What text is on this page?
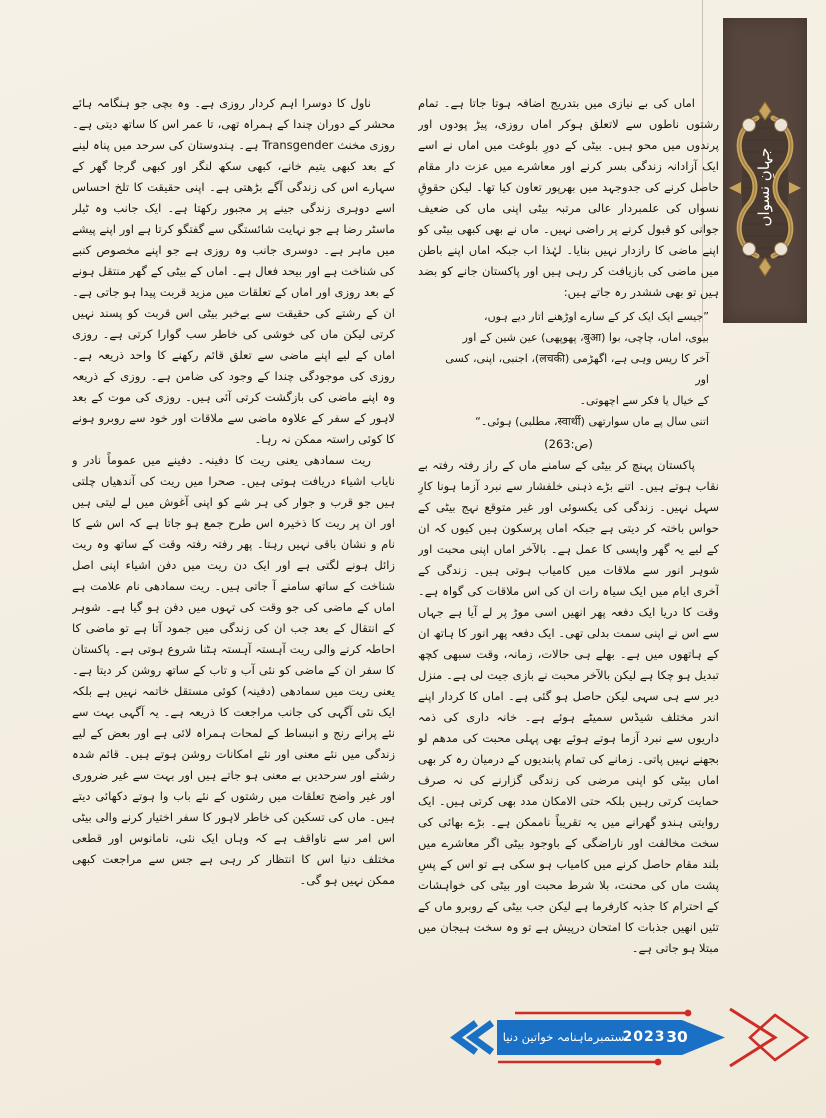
جہانِ نسواں

ناول کا دوسرا اہم کردار روزی ہے۔ وہ بچی جو ہنگامہ ہائے محشر کے دوران چندا کے ہمراہ تھی، تا عمر اس کا ساتھ دیتی ہے۔ روزی مخنث Transgender ہے۔ ہندوستان کی سرحد میں پناہ لینے کے بعد کبھی یتیم خانے، کبھی سکھ لنگر اور کبھی گرجا گھر کے سہارے اس کی زندگی آگے بڑھتی ہے۔ اپنی حقیقت کا تلخ احساس اسے دوہری زندگی جینے پر مجبور رکھتا ہے۔ ایک جانب وہ ٹیلر ماسٹر رضا ہے جو نہایت شائستگی سے گفتگو کرتا ہے اور اپنے پیشے میں ماہر ہے۔ دوسری جانب وہ روزی ہے جو اپنے مخصوص کنبے کی شناخت ہے اور بیحد فعال ہے۔ اماں کے بیٹی کے گھر منتقل ہونے کے بعد روزی اور اماں کے تعلقات میں مزید قربت پیدا ہو جاتی ہے۔ ان کے رشتے کی حقیقت سے بےخبر بیٹی اس قربت کو پسند نہیں کرتی لیکن ماں کی خوشی کی خاطر سب گوارا کرتی ہے۔ روزی اماں کے لیے اپنے ماضی سے تعلق قائم رکھنے کا واحد ذریعہ ہے۔ روزی کی موجودگی چندا کے وجود کی ضامن ہے۔ روزی کے ذریعہ وہ اپنے ماضی کی بازگشت کرتی آئی ہیں۔ روزی کی موت کے بعد لاہور کے سفر کے علاوہ ماضی سے ملاقات اور خود سے روبرو ہونے کا کوئی راستہ ممکن نہ رہا۔

ریت سمادھی یعنی ریت کا دفینہ۔ دفینے میں عموماً نادر و نایاب اشیاء دریافت ہوتی ہیں۔ صحرا میں ریت کی آندھیاں چلتی ہیں جو قرب و جوار کی ہر شے کو اپنی آغوش میں لے لیتی ہیں اور ان پر ریت کا ذخیرہ اس طرح جمع ہو جاتا ہے کہ اس شے کا نام و نشان باقی نہیں رہتا۔ پھر رفتہ رفتہ وقت کے ساتھ وہ ریت زائل ہونے لگتی ہے اور ایک دن ریت میں دفن اشیاء اپنی اصل شناخت کے ساتھ سامنے آ جاتی ہیں۔ ریت سمادھی نام علامت ہے اماں کے ماضی کی جو وقت کی تہوں میں دفن ہو گیا ہے۔ شوہر کے انتقال کے بعد جب ان کی زندگی میں جمود آتا ہے تو ماضی کا احاطہ کرنے والی ریت آہستہ آہستہ ہٹنا شروع ہوتی ہے۔ پاکستان کا سفر ان کے ماضی کو نئی آب و تاب کے ساتھ روشن کر دیتا ہے۔ یعنی ریت میں سمادھی (دفینہ) کوئی مستقل خاتمہ نہیں ہے بلکہ ایک نئی آگہی کی جانب مراجعت کا ذریعہ ہے۔ یہ آگہی بہت سے نئے پرانے رنج و انبساط کے لمحات ہمراہ لائی ہے اور بعض کے لیے زندگی میں نئے معنی اور نئے امکانات روشن ہوتے ہیں۔ قائم شدہ رشتے اور سرحدیں بے معنی ہو جاتے ہیں اور بہت سے غیر ضروری اور غیر واضح تعلقات میں رشتوں کے نئے باب وا ہوتے دکھائی دیتے ہیں۔ ماں کی تسکین کی خاطر لاہور کا سفر اختیار کرنے والی بیٹی اس امر سے ناواقف ہے کہ وہاں ایک نئی، نامانوس اور قطعی مختلف دنیا اس کا انتظار کر رہی ہے جس سے مراجعت کبھی ممکن نہیں ہو گی۔

اماں کی بے نیازی میں بتدریج اضافہ ہوتا جاتا ہے۔ تمام رشتوں ناطوں سے لاتعلق ہوکر اماں روزی، پیڑ پودوں اور پرندوں میں محو ہیں۔ بیٹی کے دورِ بلوغت میں اماں نے اسے ایک آزادانہ زندگی بسر کرنے اور معاشرے میں عزت دار مقام حاصل کرنے کی جدوجہد میں بھرپور تعاون کیا تھا۔ لیکن حقوقِ نسواں کی علمبردار عالی مرتبہ بیٹی اپنی ماں کی ضعیف جوانی کو قبول کرنے پر راضی نہیں۔ ماں نے بھی کبھی بیٹی کو اپنے ماضی کا رازدار نہیں بنایا۔ لہٰذا اب جبکہ اماں اپنے باطن میں ماضی کی بازیافت کر رہی ہیں اور پاکستان جانے کو بضد ہیں تو بھی ششدر رہ جاتے ہیں:

”جیسے ایک ایک کر کے سارے اوڑھنے اتار دیے ہوں،
بیوی، اماں، چاچی، بوا (बुआ، پھوپھی) عین شین کے اور
آخر کا ریس وہی ہے، اگھڑمی (लचकी)، اجنبی، اپنی، کسی اور
کے خیال یا فکر سے اچھوتی۔
اتنی سال پے ماں سوارتھی (स्वार्थी، مطلبی) ہوئی۔“

(ص:263)

پاکستان پہنچ کر بیٹی کے سامنے ماں کے راز رفتہ رفتہ بے نقاب ہوتے ہیں۔ اتنے بڑے ذہنی خلفشار سے نبرد آزما ہونا کارِ سہل نہیں۔ زندگی کی یکسوئی اور غیر متوقع نہج بیٹی کے حواس باختہ کر دیتی ہے جبکہ اماں پرسکون ہیں کیوں کہ ان کے لیے یہ گھر واپسی کا عمل ہے۔ بالآخر اماں اپنی محبت اور شوہر انور سے ملاقات میں کامیاب ہوتی ہیں۔ زندگی کے آخری ایام میں ایک سیاہ رات ان کی اس ملاقات کی گواہ ہے۔ وقت کا دریا ایک دفعہ پھر انھیں اسی موڑ پر لے آیا ہے جہاں سے اس نے اپنی سمت بدلی تھی۔ ایک دفعہ پھر انور کا ہاتھ ان کے ہاتھوں میں ہے۔ بھلے ہی حالات، زمانہ، وقت سبھی کچھ تبدیل ہو چکا ہے لیکن بالآخر محبت نے بازی جیت لی ہے۔ منزل دیر سے ہی سہی لیکن حاصل ہو گئی ہے۔ اماں کا کردار اپنے اندر مختلف شیڈس سمیٹے ہوئے ہے۔ خانہ داری کی ذمہ داریوں سے نبرد آزما ہوتے ہوئے بھی پہلی محبت کی مدھم لو بجھنے نہیں پاتی۔ زمانے کی تمام پابندیوں کے درمیان رہ کر بھی اماں بیٹی کو اپنی مرضی کی زندگی گزارنے کی نہ صرف حمایت کرتی رہیں بلکہ حتی الامکان مدد بھی کرتی ہیں۔ ایک روایتی ہندو گھرانے میں یہ تقریباً ناممکن ہے۔ بڑے بھائی کی سخت مخالفت اور ناراضگی کے باوجود بیٹی اگر معاشرے میں بلند مقام حاصل کرنے میں کامیاب ہو سکی ہے تو اس کے پسِ پشت ماں کی محنت، بلا شرط محبت اور بیٹی کی خواہشات کے احترام کا جذبہ کارفرما ہے لیکن جب بیٹی کے روبرو ماں کے تئیں انھیں جذبات کا امتحان درپیش ہے تو وہ سخت ہیجان میں مبتلا ہو جاتی ہے۔

ماہنامہ خواتین دنیا ستمبر
2023 30
